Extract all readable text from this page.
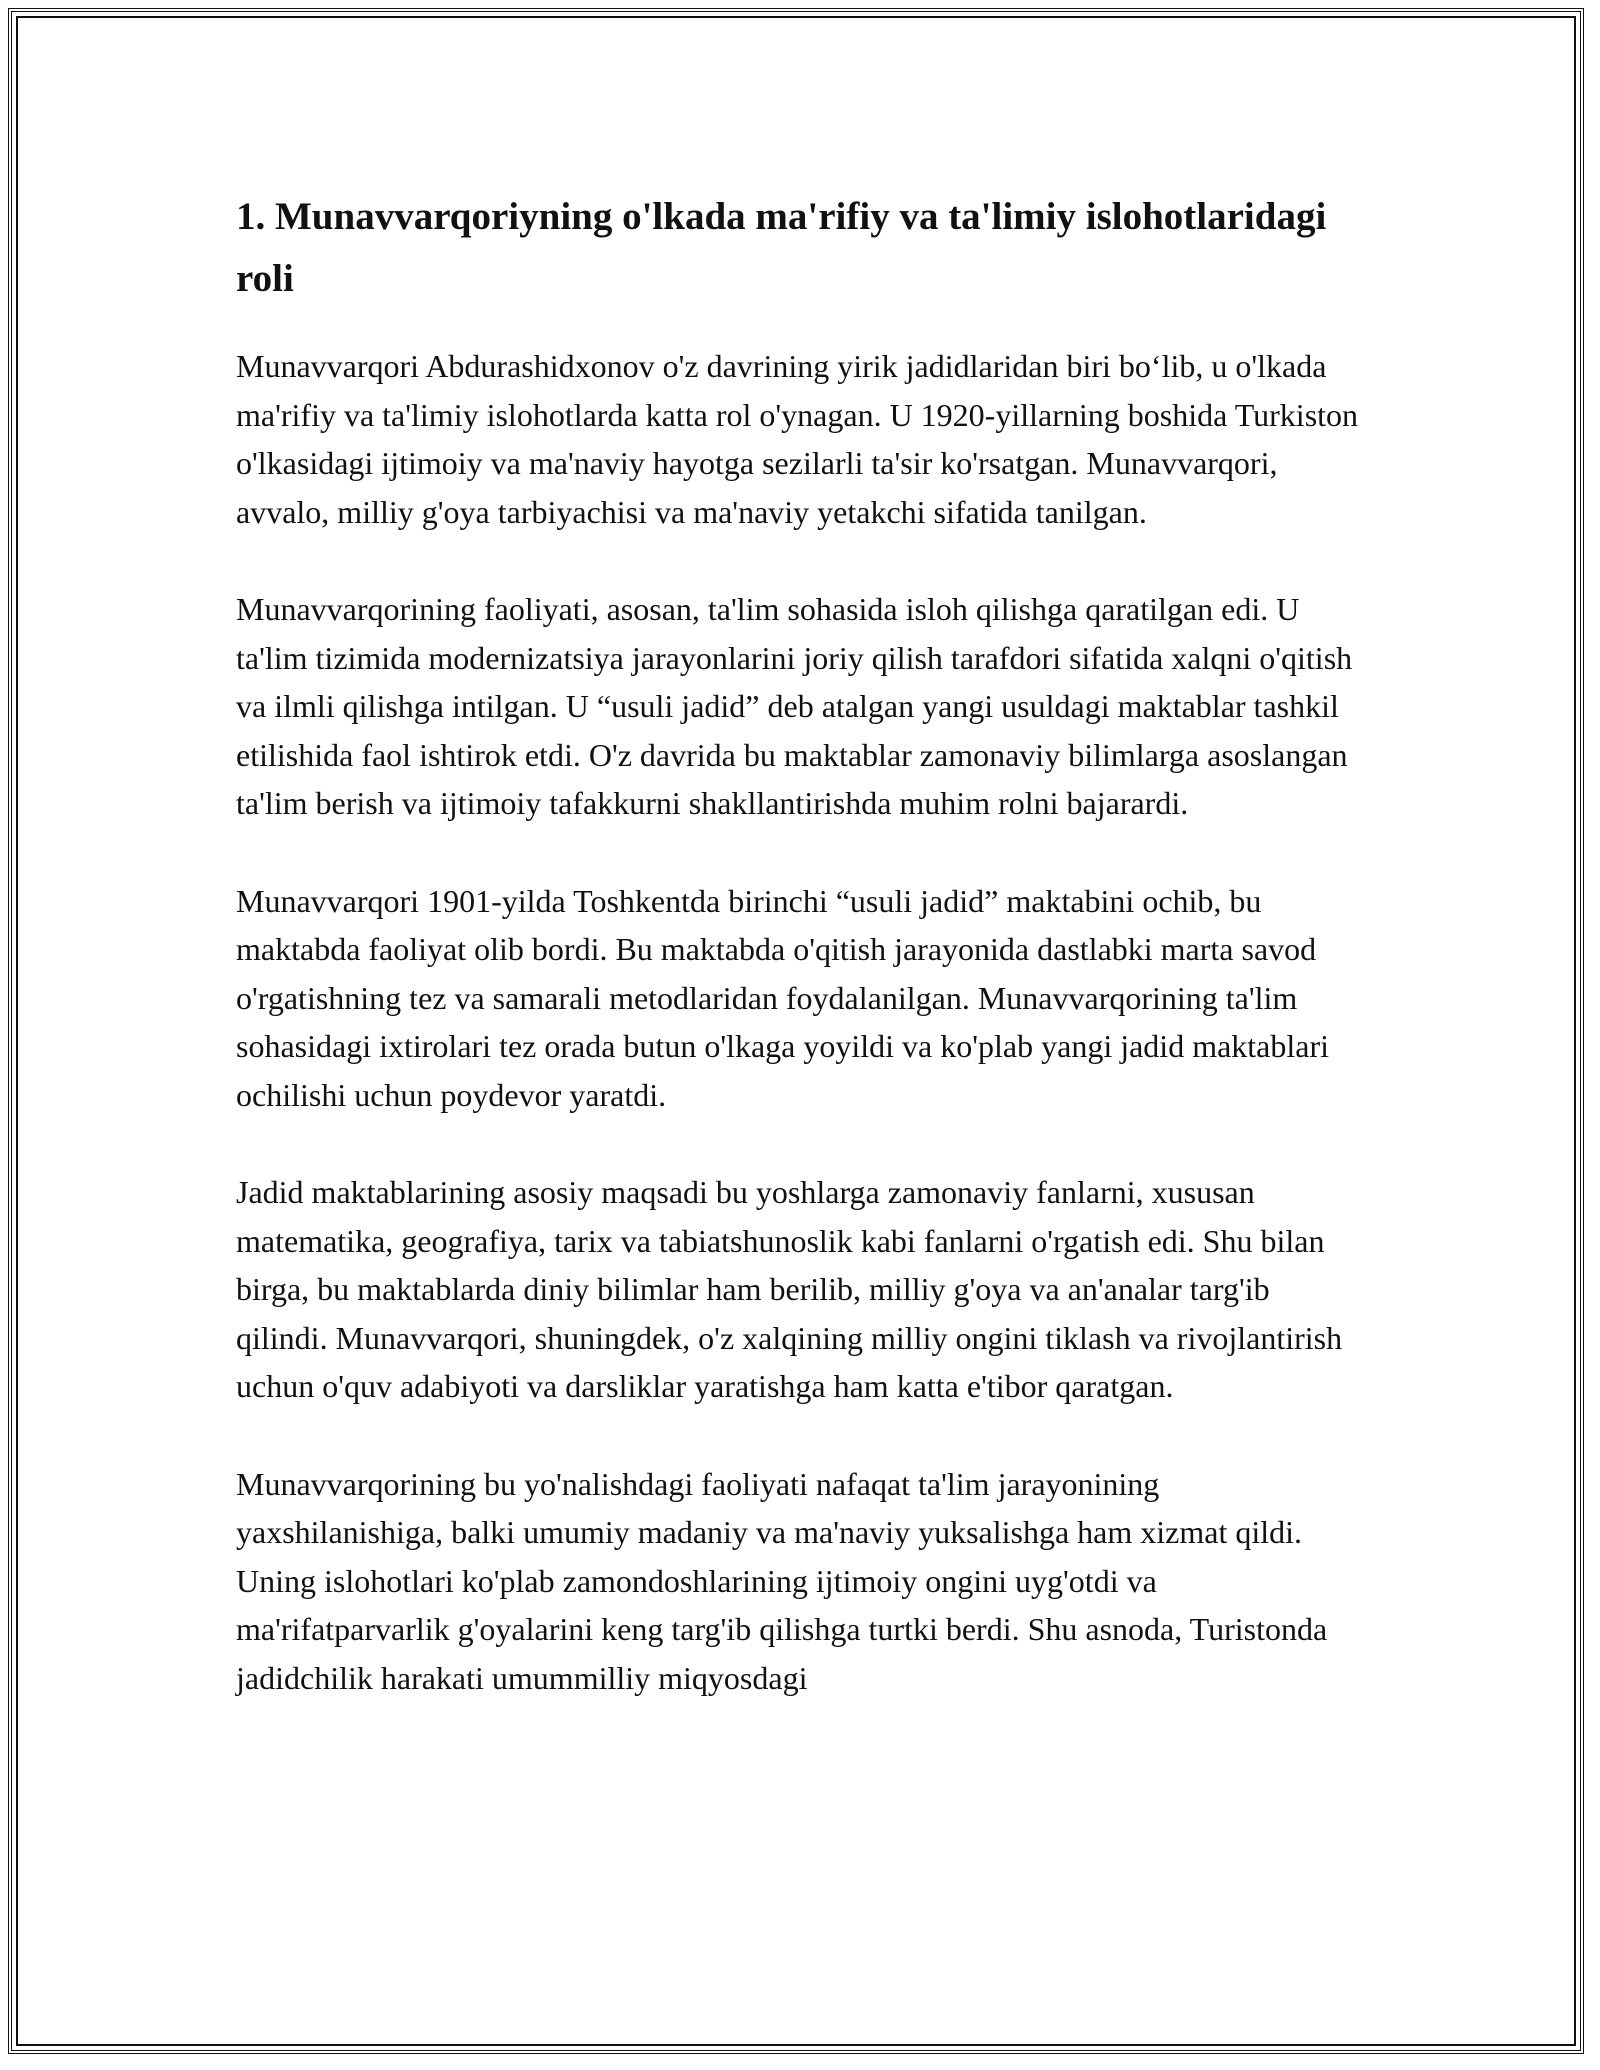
1. Munavvarqoriyning o'lkada ma'rifiy va ta'limiy islohotlaridagi roli

Munavvarqori Abdurashidxonov o'z davrining yirik jadidlaridan biri bo‘lib, u o'lkada ma'rifiy va ta'limiy islohotlarda katta rol o'ynagan. U 1920-yillarning boshida Turkiston o'lkasidagi ijtimoiy va ma'naviy hayotga sezilarli ta'sir ko'rsatgan. Munavvarqori, avvalo, milliy g'oya tarbiyachisi va ma'naviy yetakchi sifatida tanilgan.

Munavvarqorining faoliyati, asosan, ta'lim sohasida isloh qilishga qaratilgan edi. U ta'lim tizimida modernizatsiya jarayonlarini joriy qilish tarafdori sifatida xalqni o'qitish va ilmli qilishga intilgan. U “usuli jadid” deb atalgan yangi usuldagi maktablar tashkil etilishida faol ishtirok etdi. O'z davrida bu maktablar zamonaviy bilimlarga asoslangan ta'lim berish va ijtimoiy tafakkurni shakllantirishda muhim rolni bajarardi.

Munavvarqori 1901-yilda Toshkentda birinchi “usuli jadid” maktabini ochib, bu maktabda faoliyat olib bordi. Bu maktabda o'qitish jarayonida dastlabki marta savod o'rgatishning tez va samarali metodlaridan foydalanilgan. Munavvarqorining ta'lim sohasidagi ixtirolari tez orada butun o'lkaga yoyildi va ko'plab yangi jadid maktablari ochilishi uchun poydevor yaratdi.

Jadid maktablarining asosiy maqsadi bu yoshlarga zamonaviy fanlarni, xususan matematika, geografiya, tarix va tabiatshunoslik kabi fanlarni o'rgatish edi. Shu bilan birga, bu maktablarda diniy bilimlar ham berilib, milliy g'oya va an'analar targ'ib qilindi. Munavvarqori, shuningdek, o'z xalqining milliy ongini tiklash va rivojlantirish uchun o'quv adabiyoti va darsliklar yaratishga ham katta e'tibor qaratgan.

Munavvarqorining bu yo'nalishdagi faoliyati nafaqat ta'lim jarayonining yaxshilanishiga, balki umumiy madaniy va ma'naviy yuksalishga ham xizmat qildi. Uning islohotlari ko'plab zamondoshlarining ijtimoiy ongini uyg'otdi va ma'rifatparvarlik g'oyalarini keng targ'ib qilishga turtki berdi. Shu asnoda, Turistonda jadidchilik harakati umummilliy miqyosdagi
